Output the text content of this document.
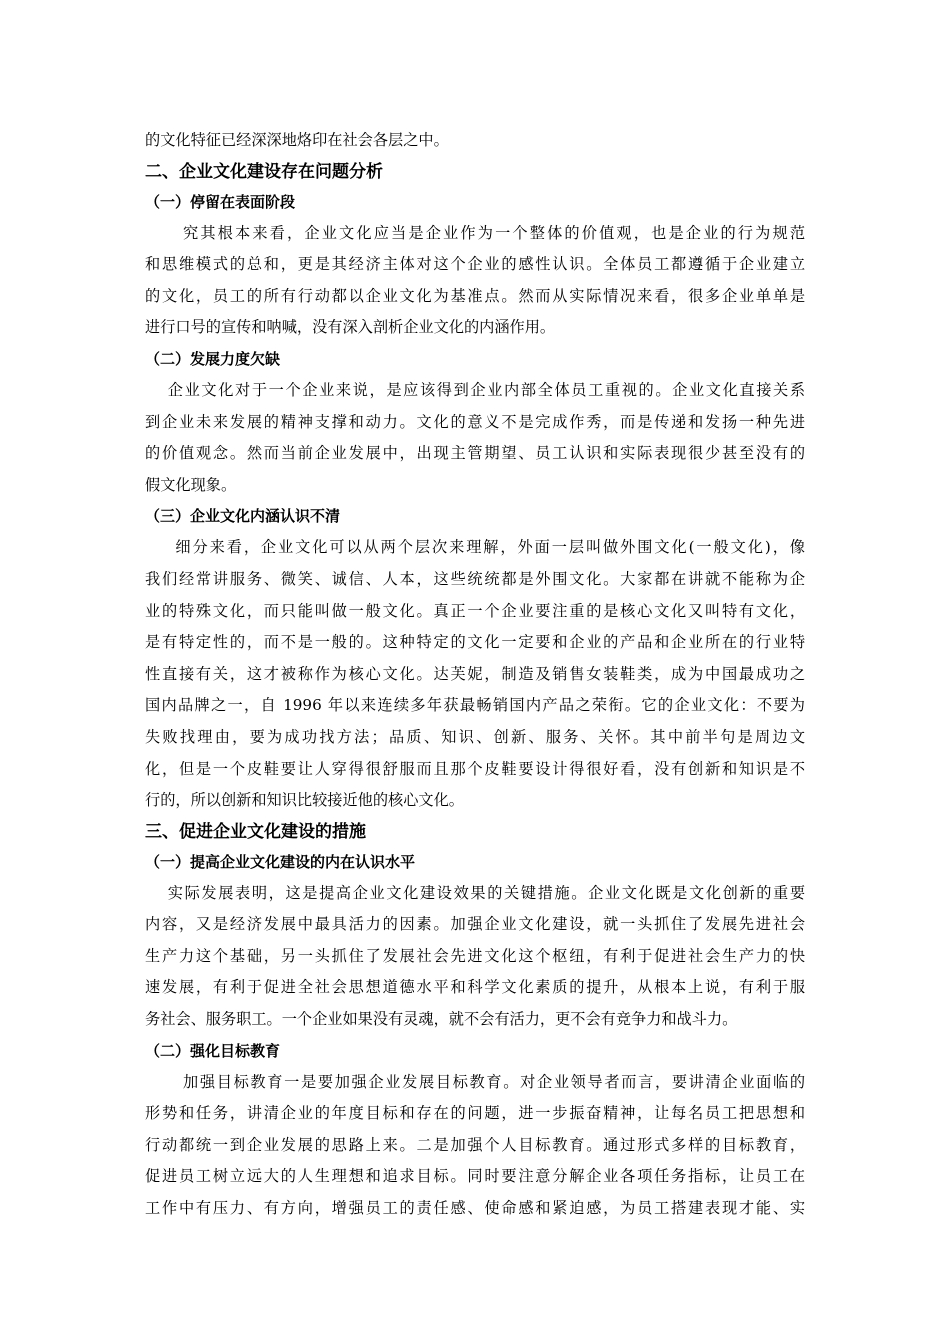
的文化特征已经深深地烙印在社会各层之中。

二、企业文化建设存在问题分析
（一）停留在表面阶段

究其根本来看，企业文化应当是企业作为一个整体的价值观，也是企业的行为规范

和思维模式的总和，更是其经济主体对这个企业的感性认识。全体员工都遵循于企业建立

的文化，员工的所有行动都以企业文化为基准点。然而从实际情况来看，很多企业单单是

进行口号的宣传和呐喊，没有深入剖析企业文化的内涵作用。

（二）发展力度欠缺

企业文化对于一个企业来说，是应该得到企业内部全体员工重视的。企业文化直接关系

到企业未来发展的精神支撑和动力。文化的意义不是完成作秀，而是传递和发扬一种先进

的价值观念。然而当前企业发展中，出现主管期望、员工认识和实际表现很少甚至没有的

假文化现象。

（三）企业文化内涵认识不清

细分来看，企业文化可以从两个层次来理解，外面一层叫做外围文化(一般文化)，像

我们经常讲服务、微笑、诚信、人本，这些统统都是外围文化。大家都在讲就不能称为企

业的特殊文化，而只能叫做一般文化。真正一个企业要注重的是核心文化又叫特有文化，

是有特定性的，而不是一般的。这种特定的文化一定要和企业的产品和企业所在的行业特

性直接有关，这才被称作为核心文化。达芙妮，制造及销售女装鞋类，成为中国最成功之

国内品牌之一，自 1996 年以来连续多年获最畅销国内产品之荣衔。它的企业文化：不要为

失败找理由，要为成功找方法；品质、知识、创新、服务、关怀。其中前半句是周边文

化，但是一个皮鞋要让人穿得很舒服而且那个皮鞋要设计得很好看，没有创新和知识是不

行的，所以创新和知识比较接近他的核心文化。

三、促进企业文化建设的措施
（一）提高企业文化建设的内在认识水平

实际发展表明，这是提高企业文化建设效果的关键措施。企业文化既是文化创新的重要

内容，又是经济发展中最具活力的因素。加强企业文化建设，就一头抓住了发展先进社会

生产力这个基础，另一头抓住了发展社会先进文化这个枢纽，有利于促进社会生产力的快

速发展，有利于促进全社会思想道德水平和科学文化素质的提升，从根本上说，有利于服

务社会、服务职工。一个企业如果没有灵魂，就不会有活力，更不会有竞争力和战斗力。

（二）强化目标教育

加强目标教育一是要加强企业发展目标教育。对企业领导者而言，要讲清企业面临的

形势和任务，讲清企业的年度目标和存在的问题，进一步振奋精神，让每名员工把思想和

行动都统一到企业发展的思路上来。二是加强个人目标教育。通过形式多样的目标教育，

促进员工树立远大的人生理想和追求目标。同时要注意分解企业各项任务指标，让员工在

工作中有压力、有方向，增强员工的责任感、使命感和紧迫感，为员工搭建表现才能、实
